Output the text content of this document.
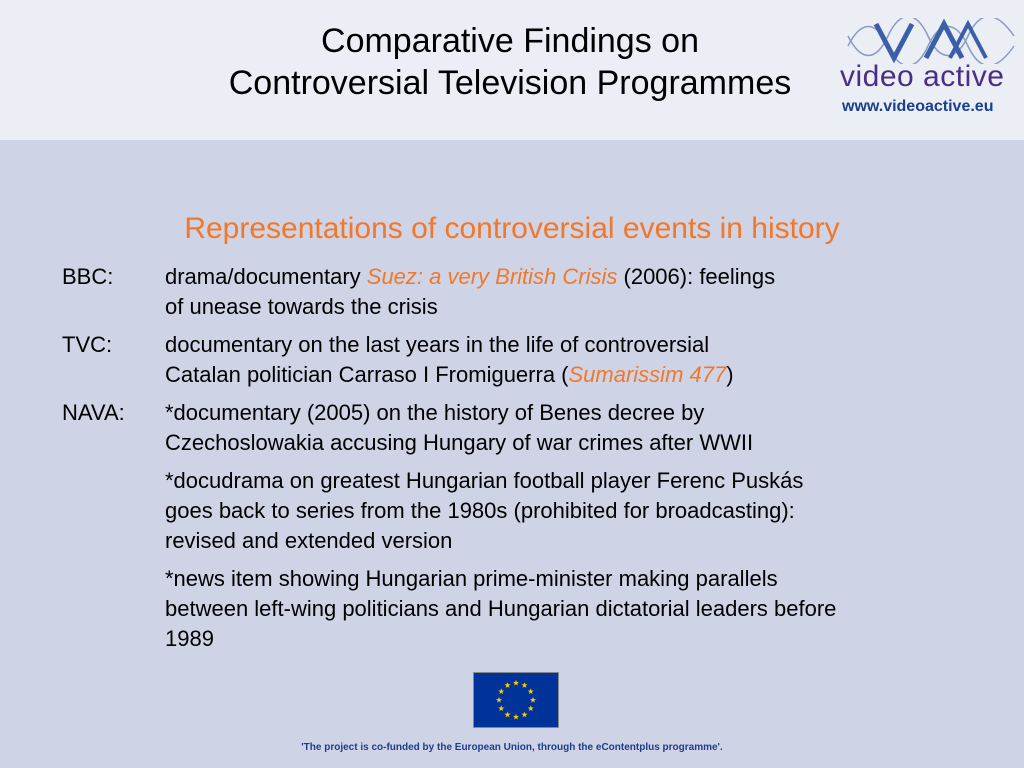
Comparative Findings on
Controversial Television Programmes	video active
www.videoactive.eu
Representations of controversial events in history
BBC:	drama/documentary Suez: a very British Crisis (2006): feelings
of unease towards the crisis
TVC:	documentary on the last years in the life of controversial
Catalan politician Carraso I Fromiguerra (Sumarissim 477)
NAVA:	*documentary (2005) on the history of Benes decree by
Czechoslowakia accusing Hungary of war crimes after WWII
*docudrama on greatest Hungarian football player Ferenc Puskás
goes back to series from the 1980s (prohibited for broadcasting):
revised and extended version
*news item showing Hungarian prime-minister making parallels
between left-wing politicians and Hungarian dictatorial leaders before
1989
'The project is co-funded by the European Union, through the eContentplus programme'.
